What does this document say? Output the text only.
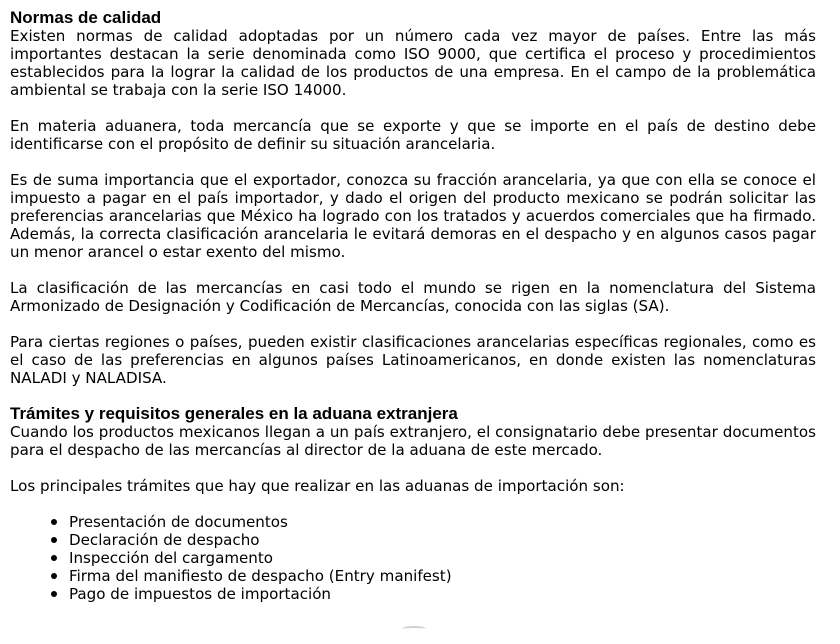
Normas de calidad

Existen normas de calidad adoptadas por un número cada vez mayor de países. Entre las más importantes destacan la serie denominada como ISO 9000, que certifica el proceso y procedimientos establecidos para la lograr la calidad de los productos de una empresa. En el campo de la problemática ambiental se trabaja con la serie ISO 14000.

En materia aduanera, toda mercancía que se exporte y que se importe en el país de destino debe identificarse con el propósito de definir su situación arancelaria.

Es de suma importancia que el exportador, conozca su fracción arancelaria, ya que con ella se conoce el impuesto a pagar en el país importador, y dado el origen del producto mexicano se podrán solicitar las preferencias arancelarias que México ha logrado con los tratados y acuerdos comerciales que ha firmado. Además, la correcta clasificación arancelaria le evitará demoras en el despacho y en algunos casos pagar un menor arancel o estar exento del mismo.

La clasificación de las mercancías en casi todo el mundo se rigen en la nomenclatura del Sistema Armonizado de Designación y Codificación de Mercancías, conocida con las siglas (SA).

Para ciertas regiones o países, pueden existir clasificaciones arancelarias específicas regionales, como es el caso de las preferencias en algunos países Latinoamericanos, en donde existen las nomenclaturas NALADI y NALADISA.

Trámites y requisitos generales en la aduana extranjera

Cuando los productos mexicanos llegan a un país extranjero, el consignatario debe presentar documentos para el despacho de las mercancías al director de la aduana de este mercado.

Los principales trámites que hay que realizar en las aduanas de importación son:

Presentación de documentos
Declaración de despacho
Inspección del cargamento
Firma del manifiesto de despacho (Entry manifest)
Pago de impuestos de importación
